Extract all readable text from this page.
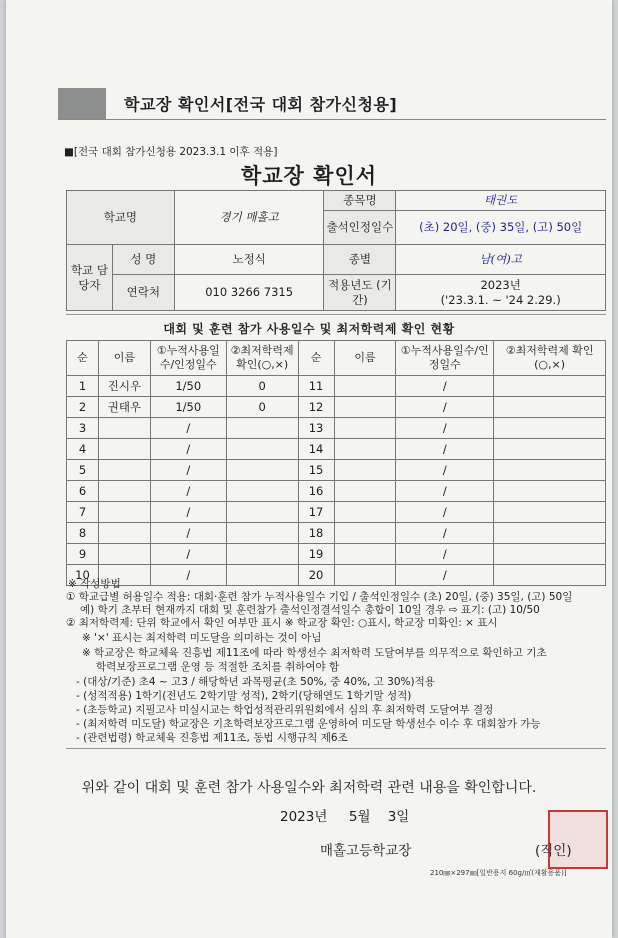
학교장 확인서[전국 대회 참가신청용]
■[전국 대회 참가신청용 2023.3.1 이후 적용]
학교장 확인서
학교명		경기 매홀고	종목명	태권도
			출석인정일수	(초) 20일, (중) 35일, (고) 50일
학교 담당자	성 명	노정식	종별	남(여)고
	연락처	010 3266 7315	적용년도 (기간)	2023년
('23.3.1. ~ '24 2.29.)
대회 및 훈련 참가 사용일수 및 최저학력제 확인 현황
순	이름	①누적사용일수/인정일수	②최저학력제 확인(○,×)	순	이름	①누적사용일수/인정일수	②최저학력제 확인(○,×)
1	진시우	1/50	0	11		/	
2	권태우	1/50	0	12		/	
3		/		13		/	
4		/		14		/	
5		/		15		/	
6		/		16		/	
7		/		17		/	
8		/		18		/	
9		/		19		/	
10		/		20		/	
※ 작성방법
① 학교급별 허용일수 적용: 대회·훈련 참가 누적사용일수 기입 / 출석인정일수 (초) 20일, (중) 35일, (고) 50일
예) 학기 초부터 현재까지 대회 및 훈련참가 출석인정결석일수 총합이 10일 경우 ⇨ 표기: (고) 10/50
② 최저학력제: 단위 학교에서 확인 여부만 표시 ※ 학교장 확인: ○표시, 학교장 미확인: × 표시
※ '×' 표시는 최저학력 미도달을 의미하는 것이 아님
※ 학교장은 학교체육 진흥법 제11조에 따라 학생선수 최저학력 도달여부를 의무적으로 확인하고 기초
학력보장프로그램 운영 등 적절한 조치를 취하여야 함
- (대상/기준) 초4 ~ 고3 / 해당학년 과목평균(초 50%, 중 40%, 고 30%)적용
- (성적적용) 1학기(전년도 2학기말 성적), 2학기(당해연도 1학기말 성적)
- (초등학교) 지필고사 미실시교는 학업성적관리위원회에서 심의 후 최저학력 도달여부 결정
- (최저학력 미도달) 학교장은 기초학력보장프로그램 운영하여 미도달 학생선수 이수 후 대회참가 가능
- (관련법령) 학교체육 진흥법 제11조, 동법 시행규칙 제6조
위와 같이 대회 및 훈련 참가 사용일수와 최저학력 관련 내용을 확인합니다.
2023년 5월 3일
매홀고등학교장	(직인)
210㎜×297㎜[일반용지 60g/㎡(재활용품)]
